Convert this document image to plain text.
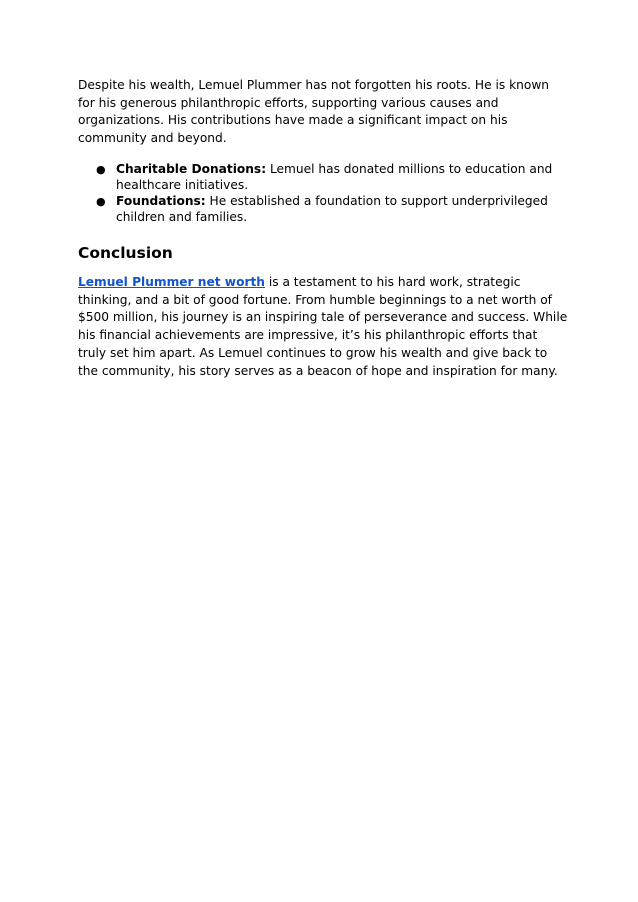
Despite his wealth, Lemuel Plummer has not forgotten his roots. He is known for his generous philanthropic efforts, supporting various causes and organizations. His contributions have made a significant impact on his community and beyond.

● Charitable Donations: Lemuel has donated millions to education and healthcare initiatives.
● Foundations: He established a foundation to support underprivileged children and families.
Conclusion

Lemuel Plummer net worth is a testament to his hard work, strategic thinking, and a bit of good fortune. From humble beginnings to a net worth of $500 million, his journey is an inspiring tale of perseverance and success. While his financial achievements are impressive, it’s his philanthropic efforts that truly set him apart. As Lemuel continues to grow his wealth and give back to the community, his story serves as a beacon of hope and inspiration for many.
